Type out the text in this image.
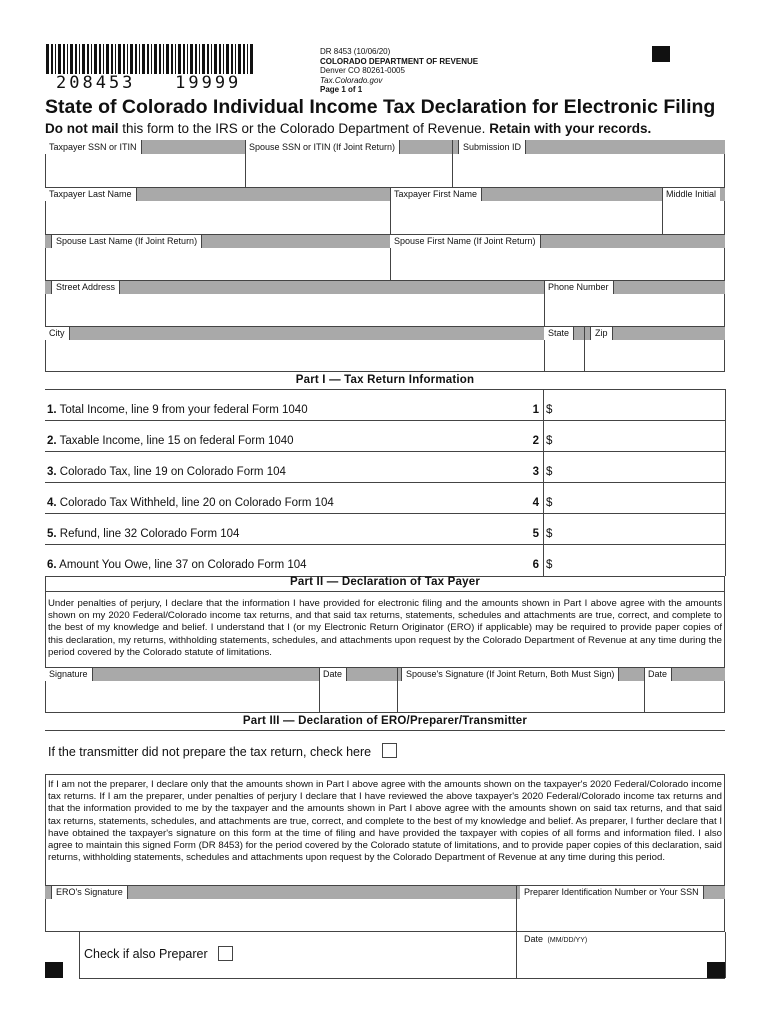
208453   19999
DR 8453 (10/06/20)
COLORADO DEPARTMENT OF REVENUE
Denver CO 80261-0005
Tax.Colorado.gov
Page 1 of 1
State of Colorado Individual Income Tax Declaration for Electronic Filing
Do not mail this form to the IRS or the Colorado Department of Revenue. Retain with your records.
Taxpayer SSN or ITIN	Spouse SSN or ITIN (If Joint Return)	Submission ID
Taxpayer Last Name	Taxpayer First Name	Middle Initial
Spouse Last Name (If Joint Return)	Spouse First Name (If Joint Return)
Street Address	Phone Number
City	State	Zip
Part I — Tax Return Information
1. Total Income, line 9 from your federal Form 1040	1 $
2. Taxable Income, line 15 on federal Form 1040	2 $
3. Colorado Tax, line 19 on Colorado Form 104	3 $
4. Colorado Tax Withheld, line 20 on Colorado Form 104	4 $
5. Refund, line 32 Colorado Form 104	5 $
6. Amount You Owe, line 37 on Colorado Form 104	6 $
Part II — Declaration of Tax Payer
Under penalties of perjury, I declare that the information I have provided for electronic filing and the amounts shown in Part I above agree with the amounts shown on my 2020 Federal/Colorado income tax returns, and that said tax returns, statements, schedules and attachments are true, correct, and complete to the best of my knowledge and belief. I understand that I (or my Electronic Return Originator (ERO) if applicable) may be required to provide paper copies of this declaration, my returns, withholding statements, schedules, and attachments upon request by the Colorado Department of Revenue at any time during the period covered by the Colorado statute of limitations.
Signature	Date	Spouse's Signature (If Joint Return, Both Must Sign)	Date
Part III — Declaration of ERO/Preparer/Transmitter
If the transmitter did not prepare the tax return, check here
If I am not the preparer, I declare only that the amounts shown in Part I above agree with the amounts shown on the taxpayer's 2020 Federal/Colorado income tax returns. If I am the preparer, under penalties of perjury I declare that I have reviewed the above taxpayer's 2020 Federal/Colorado income tax returns and that the information provided to me by the taxpayer and the amounts shown in Part I above agree with the amounts shown on said tax returns, and that said tax returns, statements, schedules, and attachments are true, correct, and complete to the best of my knowledge and belief. As preparer, I further declare that I have obtained the taxpayer's signature on this form at the time of filing and have provided the taxpayer with copies of all forms and information filed. I also agree to maintain this signed Form (DR 8453) for the period covered by the Colorado statute of limitations, and to provide paper copies of this declaration, said returns, withholding statements, schedules and attachments upon request by the Colorado Department of Revenue at any time during this period.
ERO's Signature	Preparer Identification Number or Your SSN
Check if also Preparer
Date (MM/DD/YY)
